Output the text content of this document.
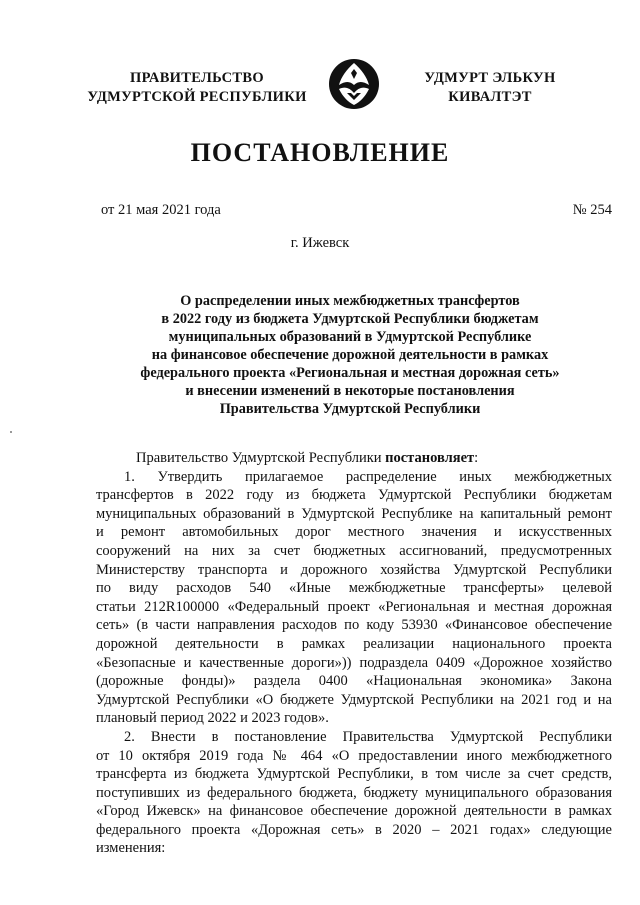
ПРАВИТЕЛЬСТВО
УДМУРТСКОЙ РЕСПУБЛИКИ
УДМУРТ ЭЛЬКУН
КИВАЛТЭТ
ПОСТАНОВЛЕНИЕ
от 21 мая 2021 года	№ 254
г. Ижевск
О распределении иных межбюджетных трансфертов
в 2022 году из бюджета Удмуртской Республики бюджетам
муниципальных образований в Удмуртской Республике
на финансовое обеспечение дорожной деятельности в рамках
федерального проекта «Региональная и местная дорожная сеть»
и внесении изменений в некоторые постановления
Правительства Удмуртской Республики
Правительство Удмуртской Республики постановляет:
1. Утвердить прилагаемое распределение иных межбюджетных
трансфертов в 2022 году из бюджета Удмуртской Республики бюджетам
муниципальных образований в Удмуртской Республике на капитальный ремонт
и ремонт автомобильных дорог местного значения и искусственных
сооружений на них за счет бюджетных ассигнований, предусмотренных
Министерству транспорта и дорожного хозяйства Удмуртской Республики
по виду расходов 540 «Иные межбюджетные трансферты» целевой
статьи 212R100000 «Федеральный проект «Региональная и местная дорожная
сеть» (в части направления расходов по коду 53930 «Финансовое обеспечение
дорожной деятельности в рамках реализации национального проекта
«Безопасные и качественные дороги»)) подраздела 0409 «Дорожное хозяйство
(дорожные фонды)» раздела 0400 «Национальная экономика» Закона
Удмуртской Республики «О бюджете Удмуртской Республики на 2021 год и на
плановый период 2022 и 2023 годов».
2. Внести в постановление Правительства Удмуртской Республики
от 10 октября 2019 года № 464 «О предоставлении иного межбюджетного
трансферта из бюджета Удмуртской Республики, в том числе за счет средств,
поступивших из федерального бюджета, бюджету муниципального образования
«Город Ижевск» на финансовое обеспечение дорожной деятельности в рамках
федерального проекта «Дорожная сеть» в 2020 – 2021 годах» следующие
изменения:
